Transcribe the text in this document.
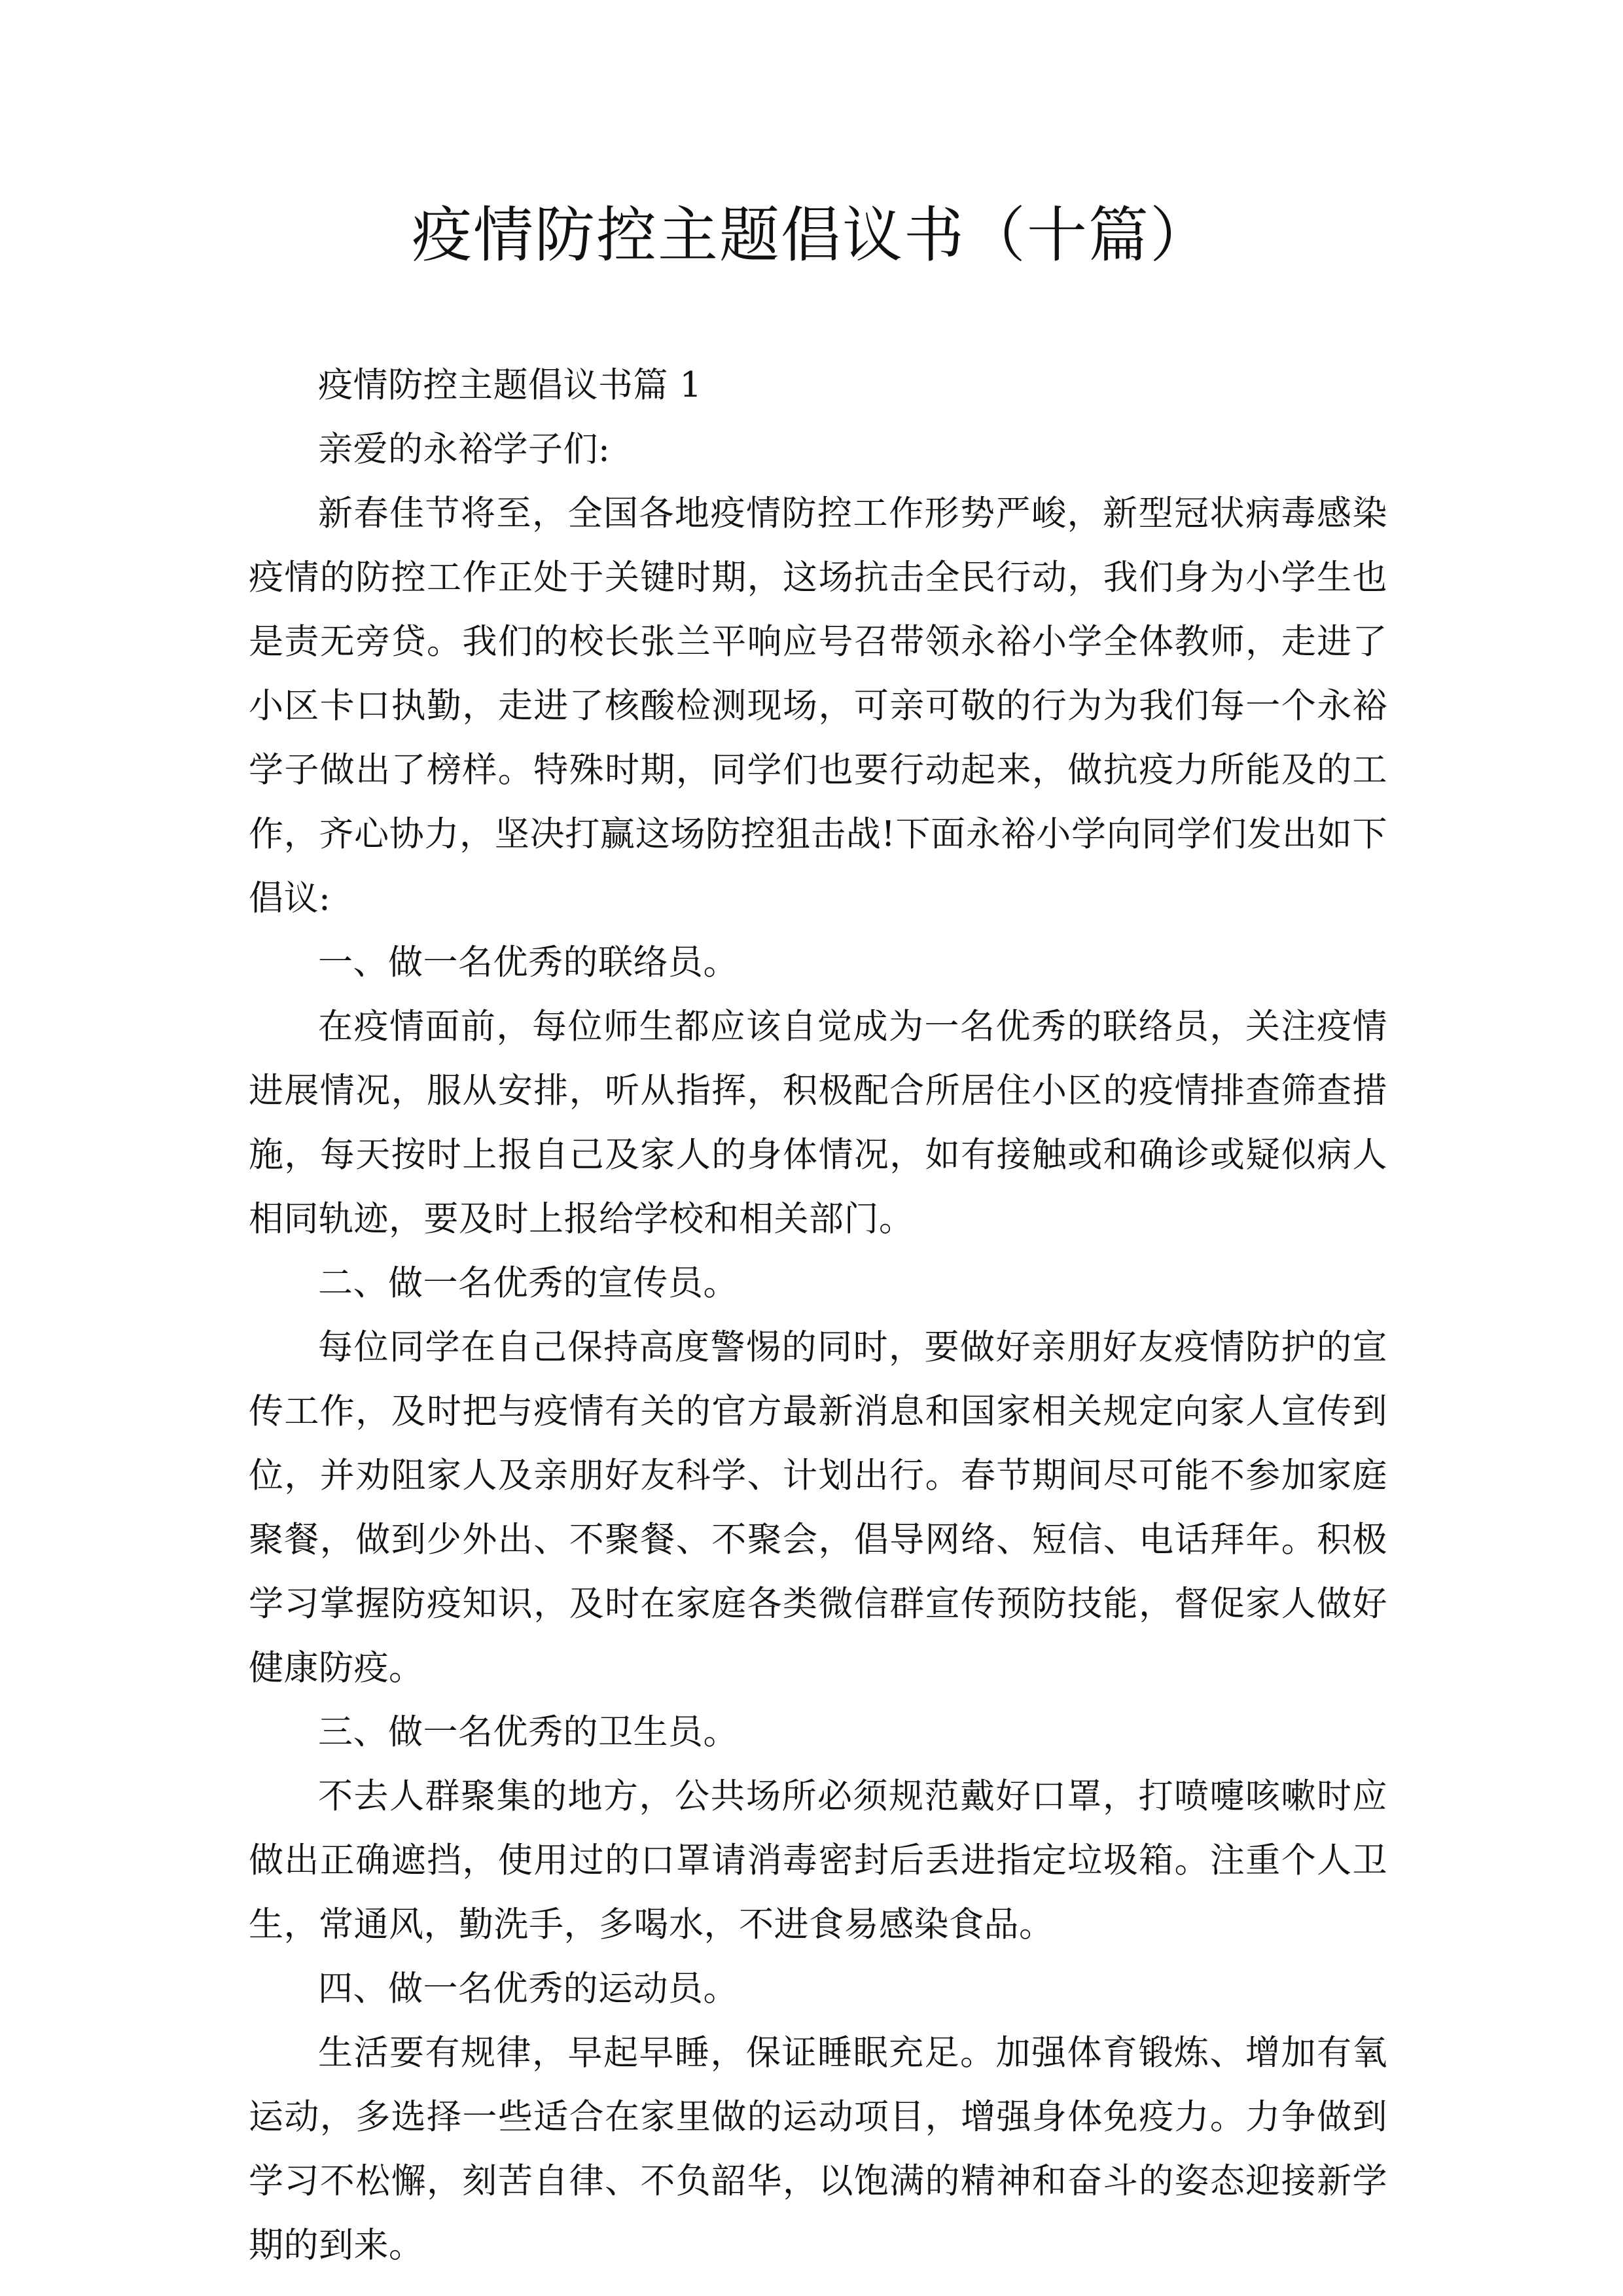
疫情防控主题倡议书（十篇）

疫情防控主题倡议书篇 1

亲爱的永裕学子们:

新春佳节将至，全国各地疫情防控工作形势严峻，新型冠状病毒感染疫情的防控工作正处于关键时期，这场抗击全民行动，我们身为小学生也是责无旁贷。我们的校长张兰平响应号召带领永裕小学全体教师，走进了小区卡口执勤，走进了核酸检测现场，可亲可敬的行为为我们每一个永裕学子做出了榜样。特殊时期，同学们也要行动起来，做抗疫力所能及的工作，齐心协力，坚决打赢这场防控狙击战!下面永裕小学向同学们发出如下倡议:

一、做一名优秀的联络员。

在疫情面前，每位师生都应该自觉成为一名优秀的联络员，关注疫情进展情况，服从安排，听从指挥，积极配合所居住小区的疫情排查筛查措施，每天按时上报自己及家人的身体情况，如有接触或和确诊或疑似病人相同轨迹，要及时上报给学校和相关部门。

二、做一名优秀的宣传员。

每位同学在自己保持高度警惕的同时，要做好亲朋好友疫情防护的宣传工作，及时把与疫情有关的官方最新消息和国家相关规定向家人宣传到位，并劝阻家人及亲朋好友科学、计划出行。春节期间尽可能不参加家庭聚餐，做到少外出、不聚餐、不聚会，倡导网络、短信、电话拜年。积极学习掌握防疫知识，及时在家庭各类微信群宣传预防技能，督促家人做好健康防疫。

三、做一名优秀的卫生员。

不去人群聚集的地方，公共场所必须规范戴好口罩，打喷嚏咳嗽时应做出正确遮挡，使用过的口罩请消毒密封后丢进指定垃圾箱。注重个人卫生，常通风，勤洗手，多喝水，不进食易感染食品。

四、做一名优秀的运动员。

生活要有规律，早起早睡，保证睡眠充足。加强体育锻炼、增加有氧运动，多选择一些适合在家里做的运动项目，增强身体免疫力。力争做到学习不松懈，刻苦自律、不负韶华，以饱满的精神和奋斗的姿态迎接新学期的到来。
